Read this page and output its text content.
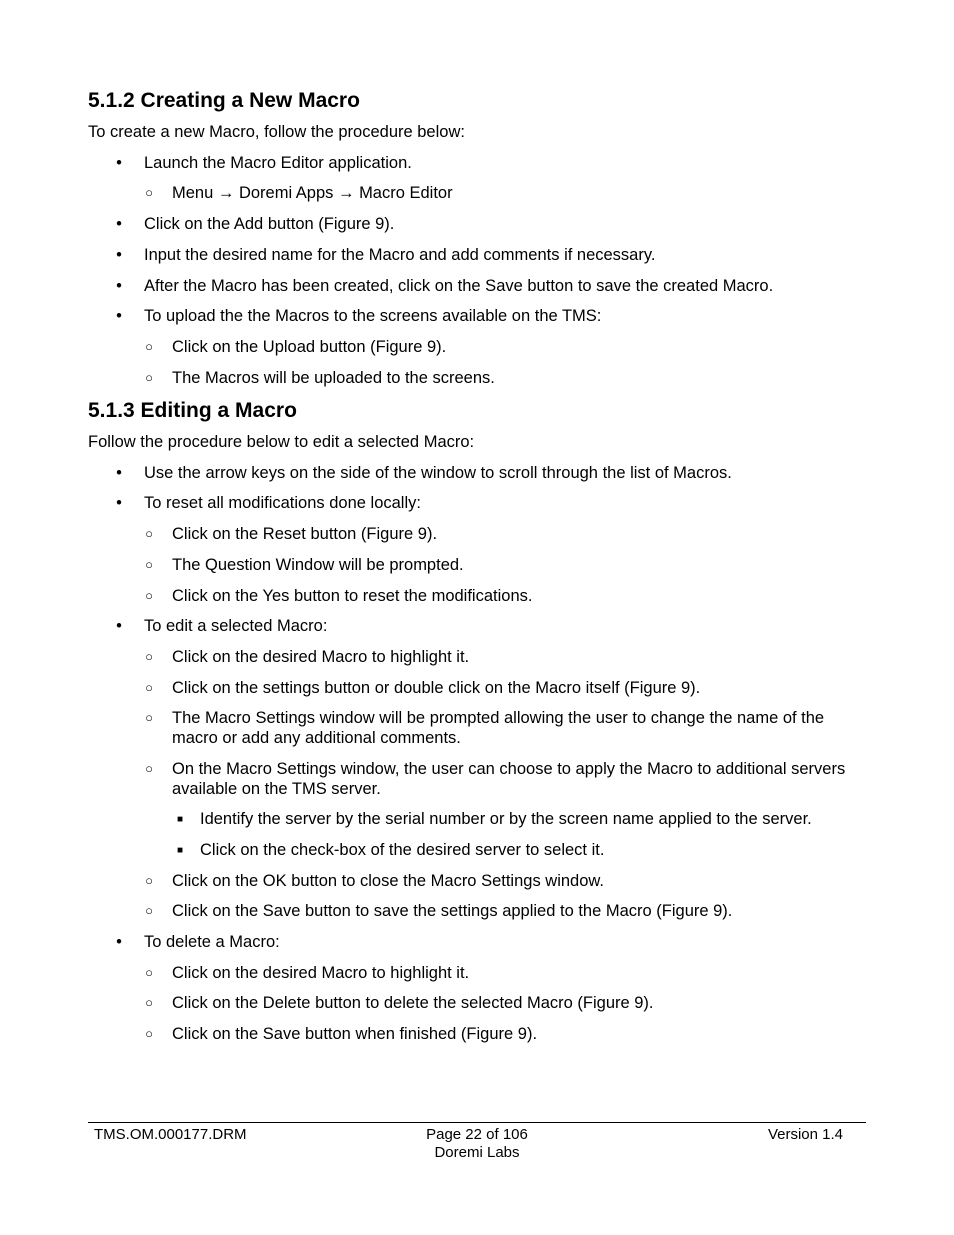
5.1.2 Creating a New Macro

To create a new Macro, follow the procedure below:

• Launch the Macro Editor application.
○ Menu → Doremi Apps → Macro Editor
• Click on the Add button (Figure 9).
• Input the desired name for the Macro and add comments if necessary.
• After the Macro has been created, click on the Save button to save the created Macro.
• To upload the the Macros to the screens available on the TMS:
○ Click on the Upload button (Figure 9).
○ The Macros will be uploaded to the screens.
5.1.3 Editing a Macro

Follow the procedure below to edit a selected Macro:

• Use the arrow keys on the side of the window to scroll through the list of Macros.
• To reset all modifications done locally:
○ Click on the Reset button (Figure 9).
○ The Question Window will be prompted.
○ Click on the Yes button to reset the modifications.
• To edit a selected Macro:
○ Click on the desired Macro to highlight it.
○ Click on the settings button or double click on the Macro itself (Figure 9).
○ The Macro Settings window will be prompted allowing the user to change the name of the macro or add any additional comments.
○ On the Macro Settings window, the user can choose to apply the Macro to additional servers available on the TMS server.
■ Identify the server by the serial number or by the screen name applied to the server.
■ Click on the check-box of the desired server to select it.
○ Click on the OK button to close the Macro Settings window.
○ Click on the Save button to save the settings applied to the Macro (Figure 9).
• To delete a Macro:
○ Click on the desired Macro to highlight it.
○ Click on the Delete button to delete the selected Macro (Figure 9).
○ Click on the Save button when finished (Figure 9).
TMS.OM.000177.DRM	Page 22 of 106
Doremi Labs
Version 1.4
